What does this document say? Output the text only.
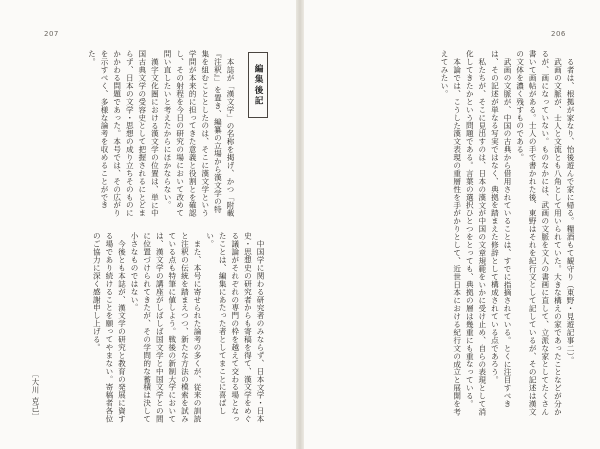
207
編集後記

本誌が「漢文学」の名称を掲げ、かつ「附載『注釈』」を置き、編纂の立場から漢文学の特集を組むこととしたのは、そこに漢文学という学問が本来的に担ってきた意義と役割とを確認し、その射程を今日の研究の場において改めて問い直したいと考えたからにほかならない。

漢字文化圏における漢文学の位置は、単に中国古典文学の受容史として把握されるにとどまらず、日本の文学・思想の成り立ちそのものにかかわる問題であった。本号では、その広がりを示すべく、多様な論考を収めることができた。

中国学に関わる研究者のみならず、日本文学・日本史・思想史の研究者からも寄稿を得て、漢文学をめぐる議論がそれぞれの専門の枠を越えて交わる場となったことは、編集にあたった者としてまことに喜ばしい。

また、本号に寄せられた論考の多くが、従来の訓読と注釈の伝統を踏まえつつ、新たな方法の模索を試みている点も特筆に値しよう。戦後の新制大学においては、漢文学の講座がしばしば国文学と中国文学との間に位置づけられてきたが、その学問的な蓄積は決して小さなものではない。

今後とも本誌が、漢文学の研究と教育の発展に資する場であり続けることを願ってやまない。寄稿者各位のご協力に深く感謝申し上げる。

〔大川 克己〕
206

る者は、根拠が家なり、怡後遊んで家に帰る。糧酒もて観守り（東野・見遊記事二）。

武画の文脈が、士人と文流とも八角として用いられていた。大きな構えの家であったことなどが分かるが、画になっていない。ものなかには、武画の文脈を文人の書画に直して、立派な家としてたくさん書いて画帖がある。士人の手で書かれた後、東野はそれを紀行文として記しているが、その記述は漢文の文体を濃く残すものである。

武画の文脈が、中国の古典から借用されていることは、すでに指摘されている。とくに注目すべきは、その記述が単なる写実ではなく、典拠を踏まえた修辞として構成されている点であろう。

私たちが、そこに見出すのは、日本の漢文が中国の文章規範をいかに受け止め、自らの表現として消化してきたかという問題である。言葉の選択ひとつをとっても、典拠の層は幾重にも重なっている。

本論では、こうした漢文表現の重層性を手がかりとして、近世日本における紀行文の成立と展開を考えてみたい。
